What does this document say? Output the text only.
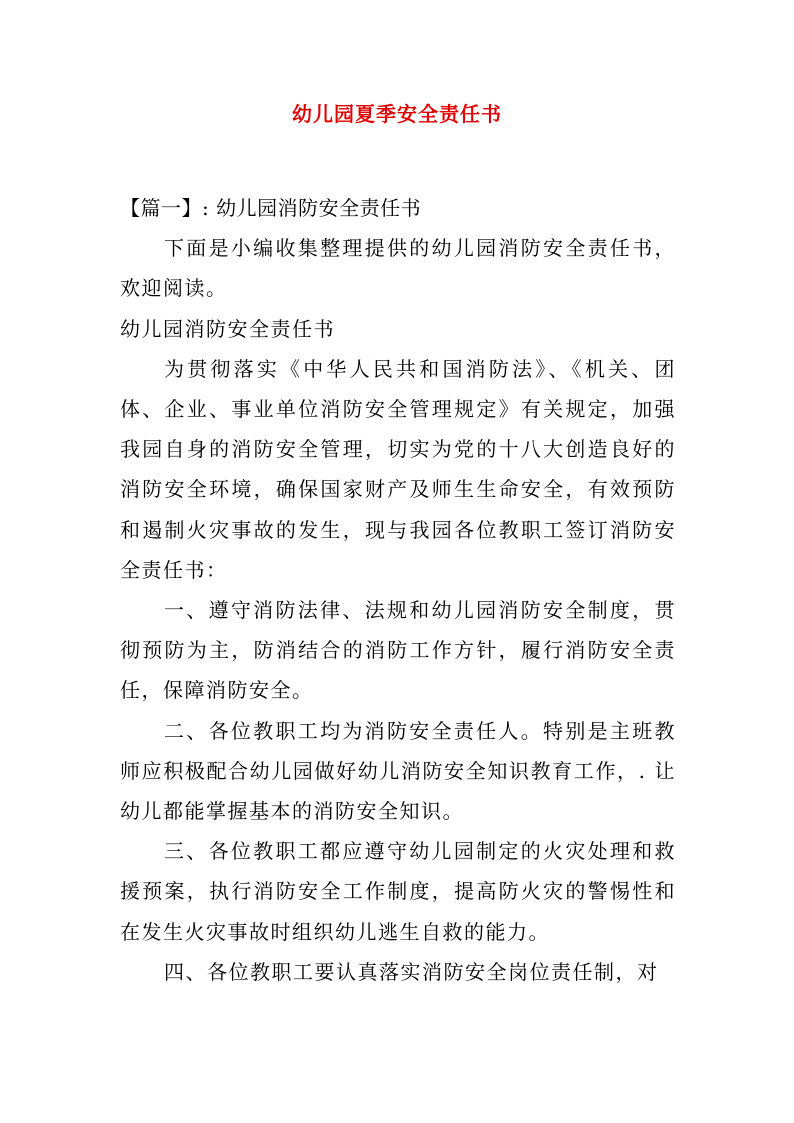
幼儿园夏季安全责任书

【篇一】: 幼儿园消防安全责任书

下面是小编收集整理提供的幼儿园消防安全责任书，欢迎阅读。

幼儿园消防安全责任书

为贯彻落实《中华人民共和国消防法》、《机关、团体、企业、事业单位消防安全管理规定》有关规定，加强我园自身的消防安全管理，切实为党的十八大创造良好的消防安全环境，确保国家财产及师生生命安全，有效预防和遏制火灾事故的发生，现与我园各位教职工签订消防安全责任书：

一、遵守消防法律、法规和幼儿园消防安全制度，贯彻预防为主，防消结合的消防工作方针，履行消防安全责任，保障消防安全。

二、各位教职工均为消防安全责任人。特别是主班教师应积极配合幼儿园做好幼儿消防安全知识教育工作，. 让幼儿都能掌握基本的消防安全知识。

三、各位教职工都应遵守幼儿园制定的火灾处理和救援预案，执行消防安全工作制度，提高防火灾的警惕性和在发生火灾事故时组织幼儿逃生自救的能力。

四、各位教职工要认真落实消防安全岗位责任制，对
